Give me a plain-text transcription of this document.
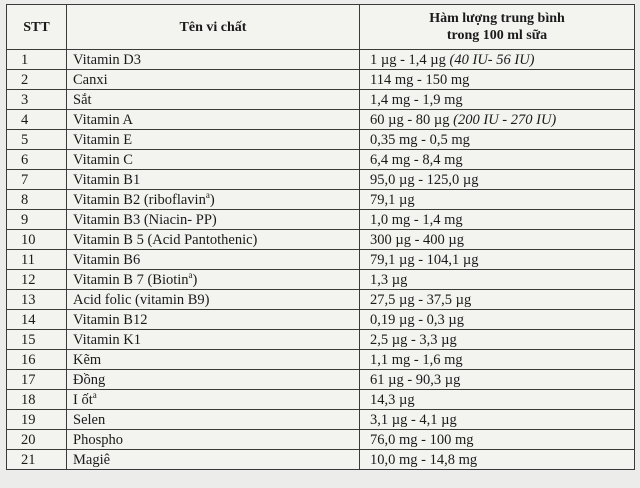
STT	Tên vi chất	Hàm lượng trung bình
trong 100 ml sữa

1	Vitamin D3	1 µg - 1,4 µg (40 IU- 56 IU)
2	Canxi	114 mg - 150 mg
3	Sắt	1,4 mg - 1,9 mg
4	Vitamin A	60 µg - 80 µg (200 IU - 270 IU)
5	Vitamin E	0,35 mg - 0,5 mg
6	Vitamin C	6,4 mg - 8,4 mg
7	Vitamin B1	95,0 µg - 125,0 µg
8	Vitamin B2 (riboflavin$^a$)	79,1 µg
9	Vitamin B3 (Niacin- PP)	1,0 mg - 1,4 mg
10	Vitamin B 5 (Acid Pantothenic)	300 µg - 400 µg
11	Vitamin B6	79,1 µg - 104,1 µg
12	Vitamin B 7 (Biotin$^a$)	1,3 µg
13	Acid folic (vitamin B9)	27,5 µg - 37,5 µg
14	Vitamin B12	0,19 µg - 0,3 µg
15	Vitamin K1	2,5 µg - 3,3 µg
16	Kẽm	1,1 mg - 1,6 mg
17	Đồng	61 µg - 90,3 µg
18	I ốt$^a$	14,3 µg
19	Selen	3,1 µg - 4,1 µg
20	Phospho	76,0 mg - 100 mg
21	Magiê	10,0 mg - 14,8 mg
